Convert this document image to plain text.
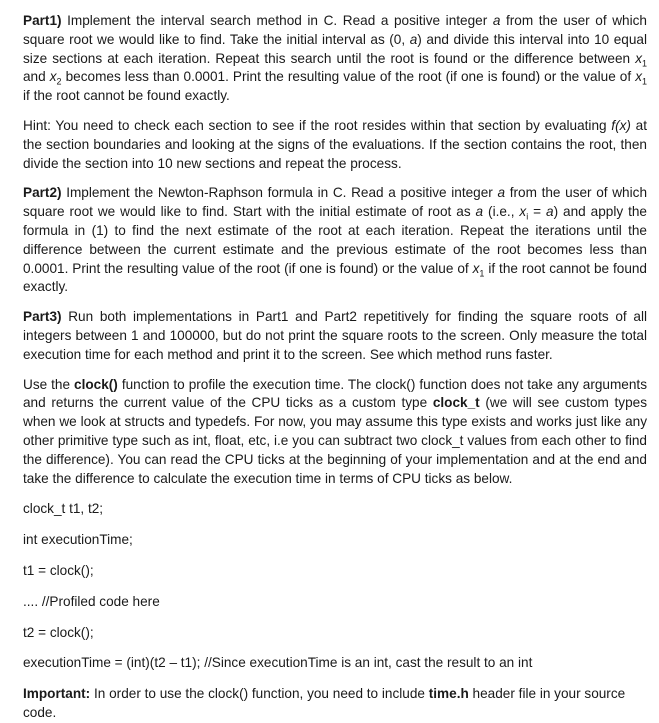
Part1) Implement the interval search method in C. Read a positive integer a from the user of which square root we would like to find. Take the initial interval as (0, a) and divide this interval into 10 equal size sections at each iteration. Repeat this search until the root is found or the difference between $x_1$ and $x_2$ becomes less than 0.0001. Print the resulting value of the root (if one is found) or the value of $x_1$ if the root cannot be found exactly.

Hint: You need to check each section to see if the root resides within that section by evaluating f(x) at the section boundaries and looking at the signs of the evaluations. If the section contains the root, then divide the section into 10 new sections and repeat the process.

Part2) Implement the Newton-Raphson formula in C. Read a positive integer a from the user of which square root we would like to find. Start with the initial estimate of root as a (i.e., $x_i = a$) and apply the formula in (1) to find the next estimate of the root at each iteration. Repeat the iterations until the difference between the current estimate and the previous estimate of the root becomes less than 0.0001. Print the resulting value of the root (if one is found) or the value of $x_1$ if the root cannot be found exactly.

Part3) Run both implementations in Part1 and Part2 repetitively for finding the square roots of all integers between 1 and 100000, but do not print the square roots to the screen. Only measure the total execution time for each method and print it to the screen. See which method runs faster.

Use the clock() function to profile the execution time. The clock() function does not take any arguments and returns the current value of the CPU ticks as a custom type clock_t (we will see custom types when we look at structs and typedefs. For now, you may assume this type exists and works just like any other primitive type such as int, float, etc, i.e you can subtract two clock_t values from each other to find the difference). You can read the CPU ticks at the beginning of your implementation and at the end and take the difference to calculate the execution time in terms of CPU ticks as below.

clock_t t1, t2;

int executionTime;

t1 = clock();

.... //Profiled code here

t2 = clock();

executionTime = (int)(t2 – t1); //Since executionTime is an int, cast the result to an int

Important: In order to use the clock() function, you need to include time.h header file in your source code.
